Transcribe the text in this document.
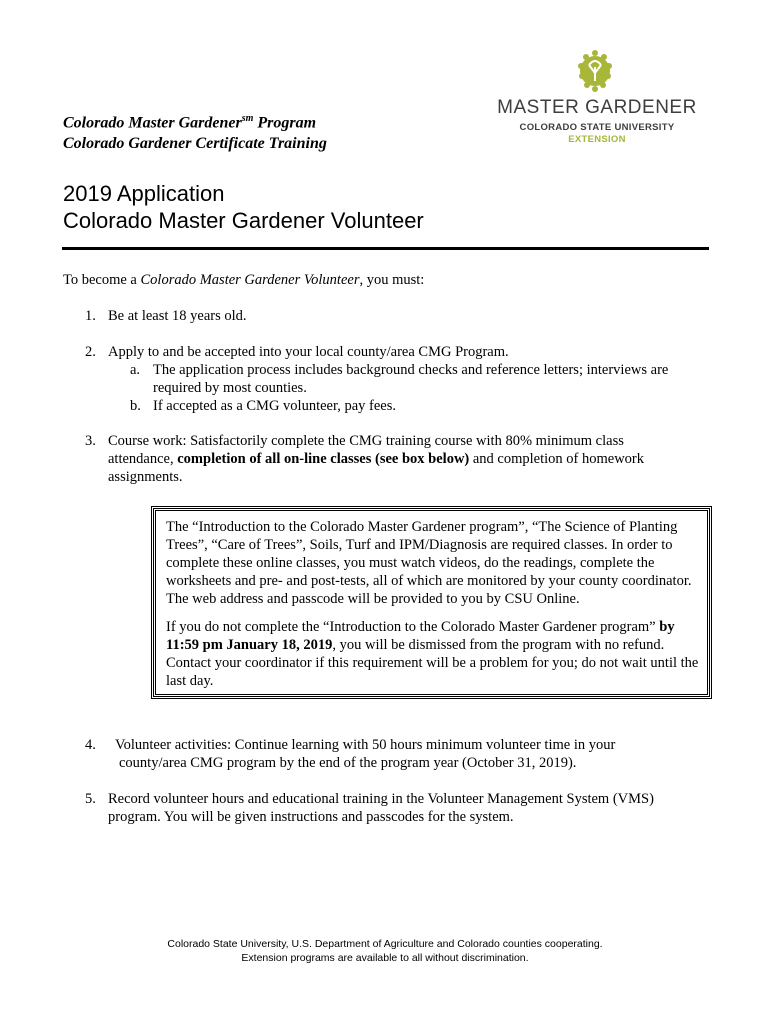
Colorado Master Gardener$^{sm}$ Program
Colorado Gardener Certificate Training
MASTER GARDENER
COLORADO STATE UNIVERSITY
EXTENSION
2019 Application
Colorado Master Gardener Volunteer
To become a Colorado Master Gardener Volunteer, you must:
1. Be at least 18 years old.
2. Apply to and be accepted into your local county/area CMG Program.
a. The application process includes background checks and reference letters; interviews are
required by most counties.
b. If accepted as a CMG volunteer, pay fees.
3. Course work: Satisfactorily complete the CMG training course with 80% minimum class
attendance, completion of all on-line classes (see box below) and completion of homework
assignments.

The “Introduction to the Colorado Master Gardener program”, “The Science of Planting Trees”, “Care of Trees”, Soils, Turf and IPM/Diagnosis are required classes. In order to complete these online classes, you must watch videos, do the readings, complete the worksheets and pre- and post-tests, all of which are monitored by your county coordinator. The web address and passcode will be provided to you by CSU Online.

If you do not complete the “Introduction to the Colorado Master Gardener program” by 11:59 pm January 18, 2019, you will be dismissed from the program with no refund. Contact your coordinator if this requirement will be a problem for you; do not wait until the last day.

4. Volunteer activities: Continue learning with 50 hours minimum volunteer time in your
county/area CMG program by the end of the program year (October 31, 2019).
5. Record volunteer hours and educational training in the Volunteer Management System (VMS)
program. You will be given instructions and passcodes for the system.
Colorado State University, U.S. Department of Agriculture and Colorado counties cooperating.
Extension programs are available to all without discrimination.
